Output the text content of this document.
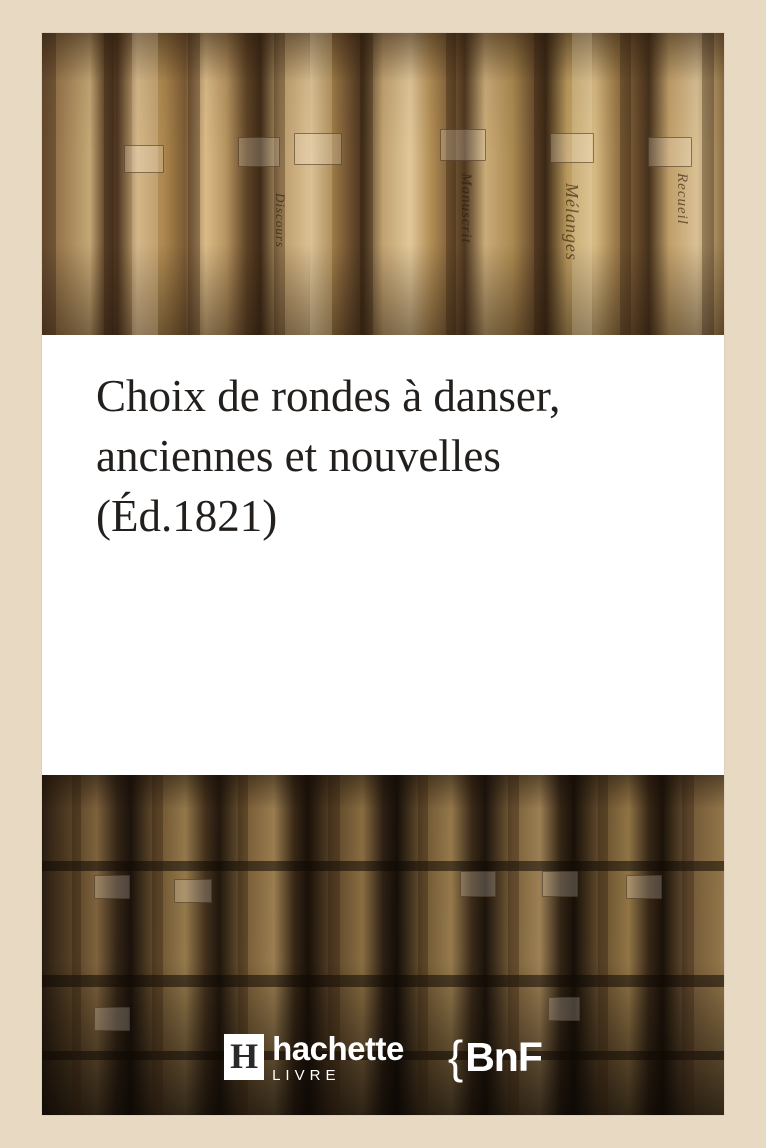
Manuscrit	Mélanges	Recueil
Discours
Choix de rondes à danser,
anciennes et nouvelles
(Éd.1821)
H hachette
LIVRE	{ BnF
